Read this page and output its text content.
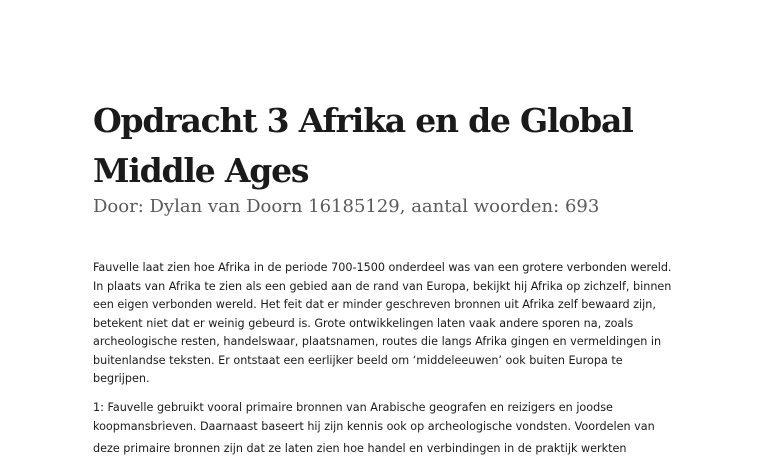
Opdracht 3 Afrika en de Global
Middle Ages

Door: Dylan van Doorn 16185129, aantal woorden: 693

Fauvelle laat zien hoe Afrika in de periode 700-1500 onderdeel was van een grotere verbonden wereld.
In plaats van Afrika te zien als een gebied aan de rand van Europa, bekijkt hij Afrika op zichzelf, binnen
een eigen verbonden wereld. Het feit dat er minder geschreven bronnen uit Afrika zelf bewaard zijn,
betekent niet dat er weinig gebeurd is. Grote ontwikkelingen laten vaak andere sporen na, zoals
archeologische resten, handelswaar, plaatsnamen, routes die langs Afrika gingen en vermeldingen in
buitenlandse teksten. Er ontstaat een eerlijker beeld om ‘middeleeuwen’ ook buiten Europa te
begrijpen.
1: Fauvelle gebruikt vooral primaire bronnen van Arabische geografen en reizigers en joodse
koopmansbrieven. Daarnaast baseert hij zijn kennis ook op archeologische vondsten. Voordelen van
deze primaire bronnen zijn dat ze laten zien hoe handel en verbindingen in de praktijk werkten
